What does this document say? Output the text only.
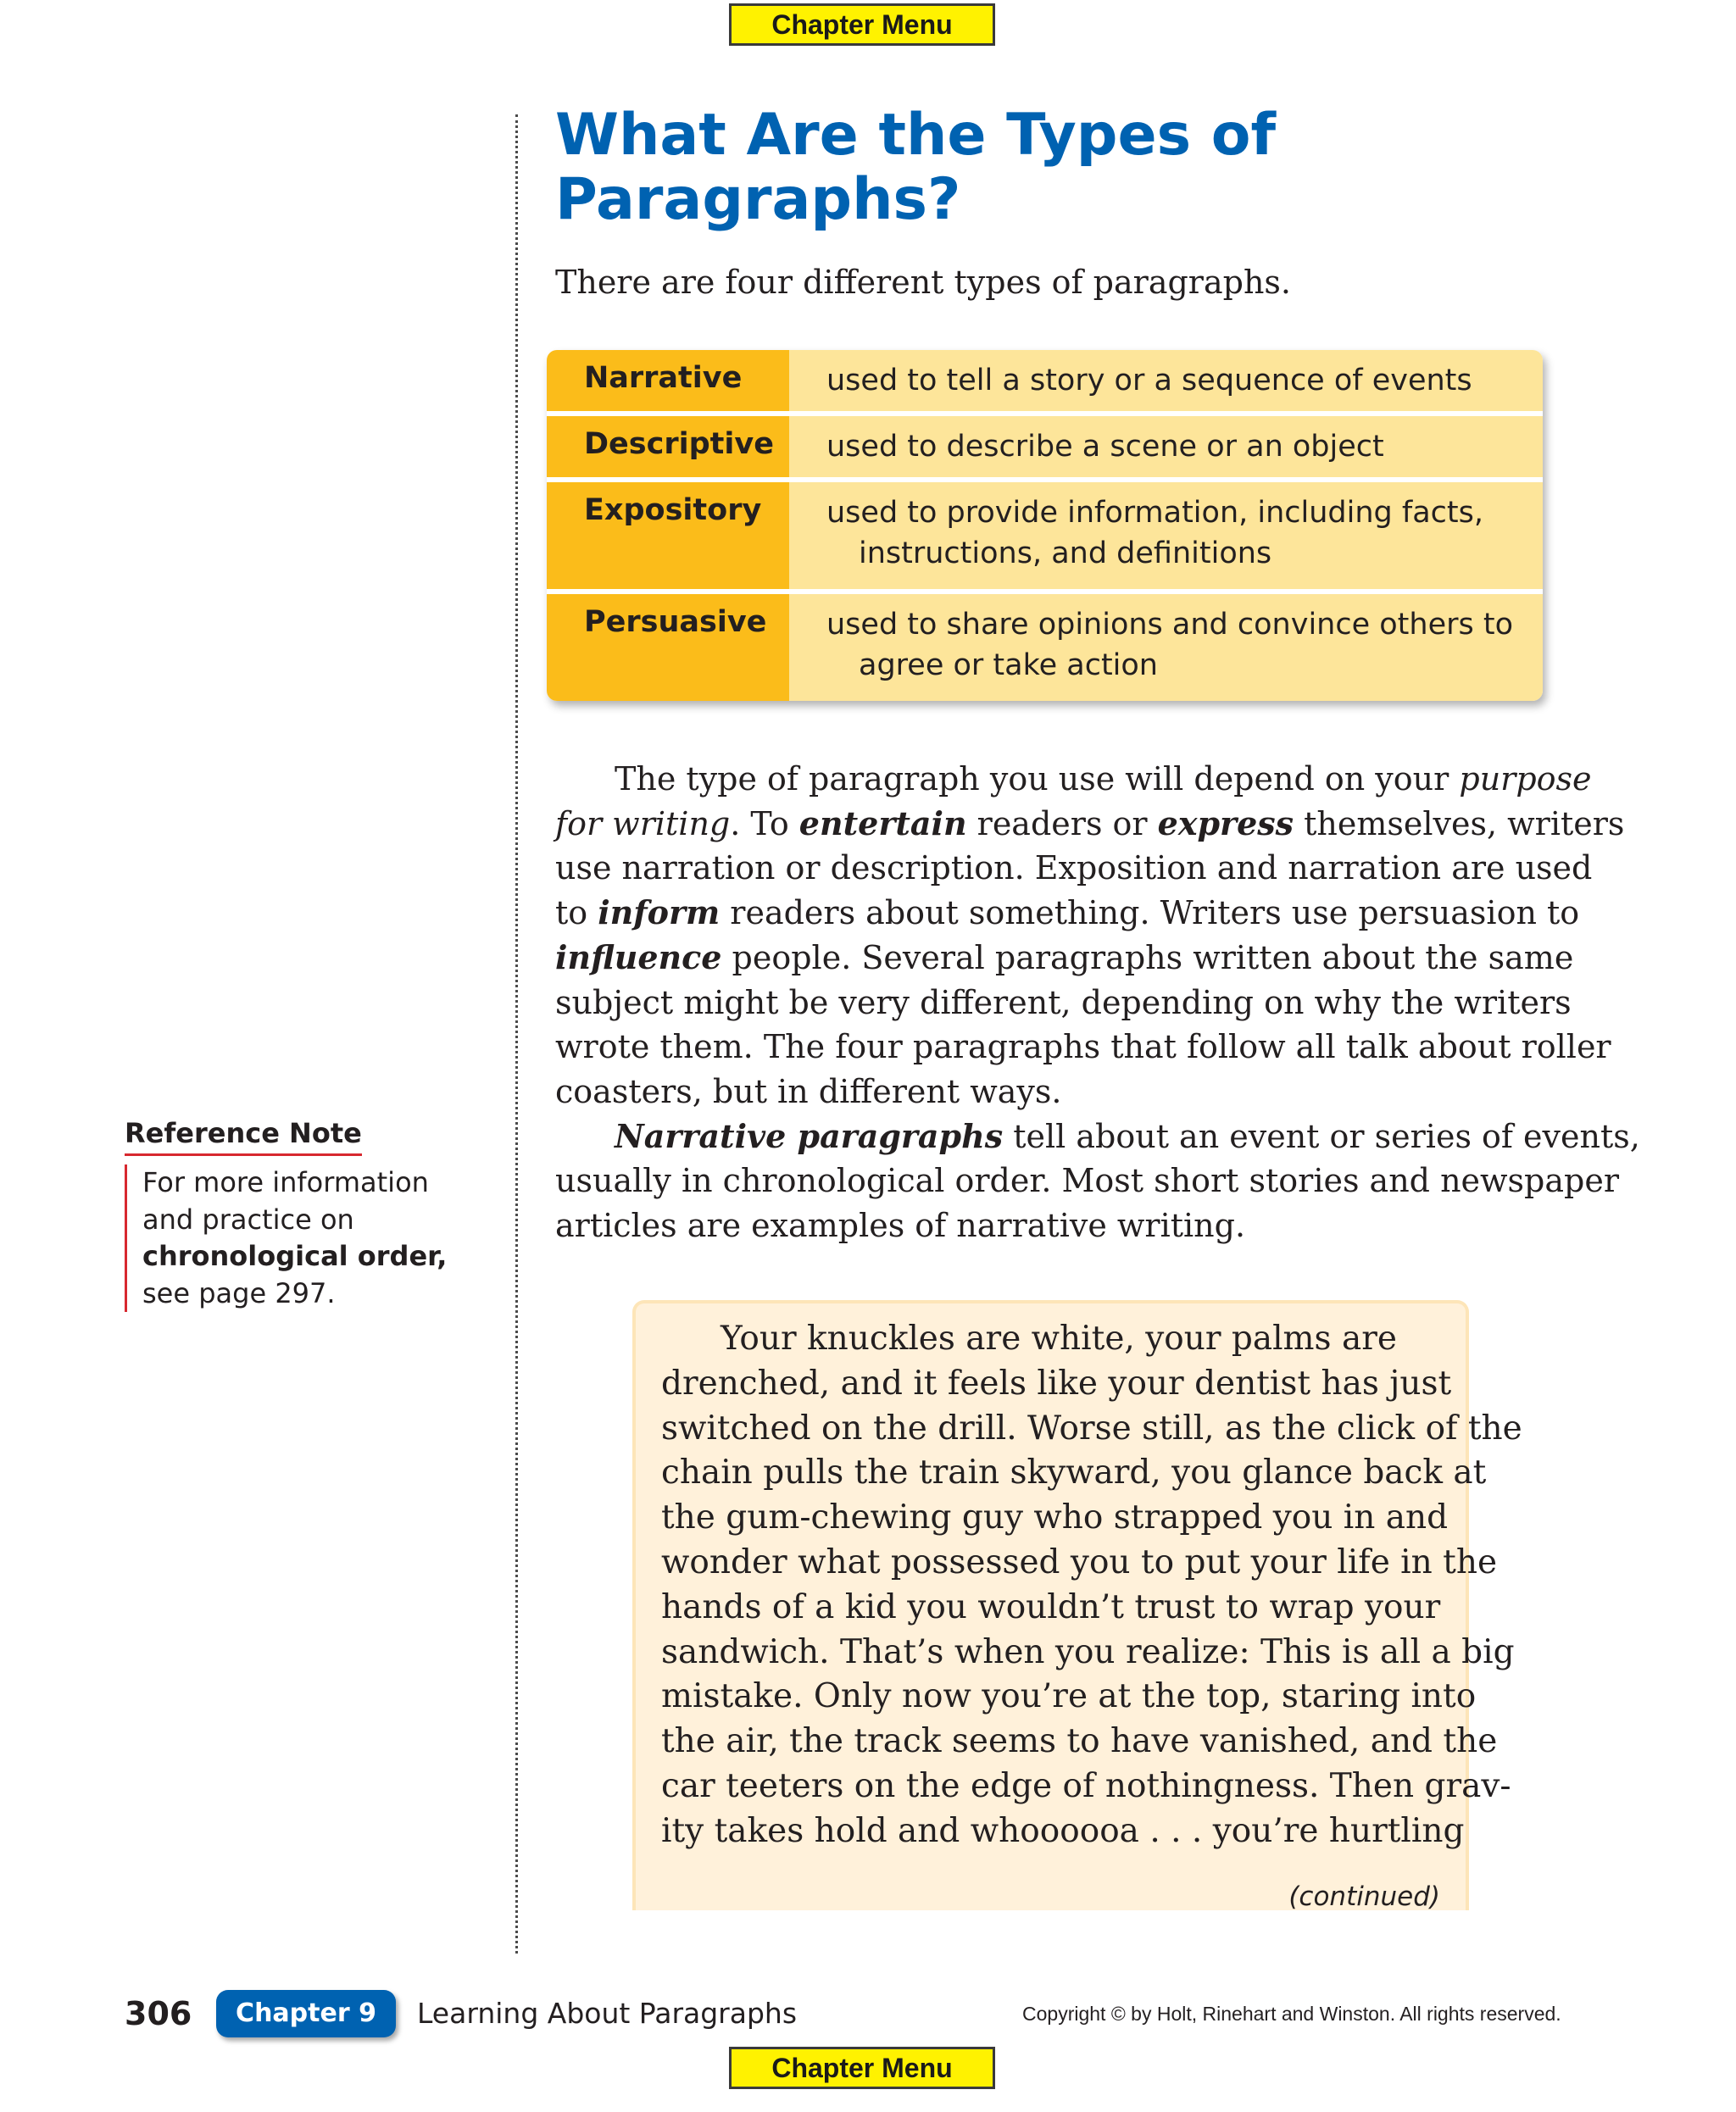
Chapter Menu
What Are the Types of
Paragraphs?

There are four different types of paragraphs.

Narrative	used to tell a story or a sequence of events
Descriptive	used to describe a scene or an object
Expository	used to provide information, including facts,
instructions, and definitions
Persuasive	used to share opinions and convince others to
agree or take action
The type of paragraph you use will depend on your purpose
for writing. To entertain readers or express themselves, writers
use narration or description. Exposition and narration are used
to inform readers about something. Writers use persuasion to
influence people. Several paragraphs written about the same
subject might be very different, depending on why the writers
wrote them. The four paragraphs that follow all talk about roller
coasters, but in different ways.
Narrative paragraphs tell about an event or series of events,
usually in chronological order. Most short stories and newspaper
articles are examples of narrative writing.
Reference Note
For more information
and practice on
chronological order,
see page 297.
Your knuckles are white, your palms are
drenched, and it feels like your dentist has just
switched on the drill. Worse still, as the click of the
chain pulls the train skyward, you glance back at
the gum-chewing guy who strapped you in and
wonder what possessed you to put your life in the
hands of a kid you wouldn’t trust to wrap your
sandwich. That’s when you realize: This is all a big
mistake. Only now you’re at the top, staring into
the air, the track seems to have vanished, and the
car teeters on the edge of nothingness. Then grav-
ity takes hold and whoooooa . . . you’re hurtling
(continued)
306	Chapter 9	Learning About Paragraphs	Copyright © by Holt, Rinehart and Winston. All rights reserved.
Chapter Menu
